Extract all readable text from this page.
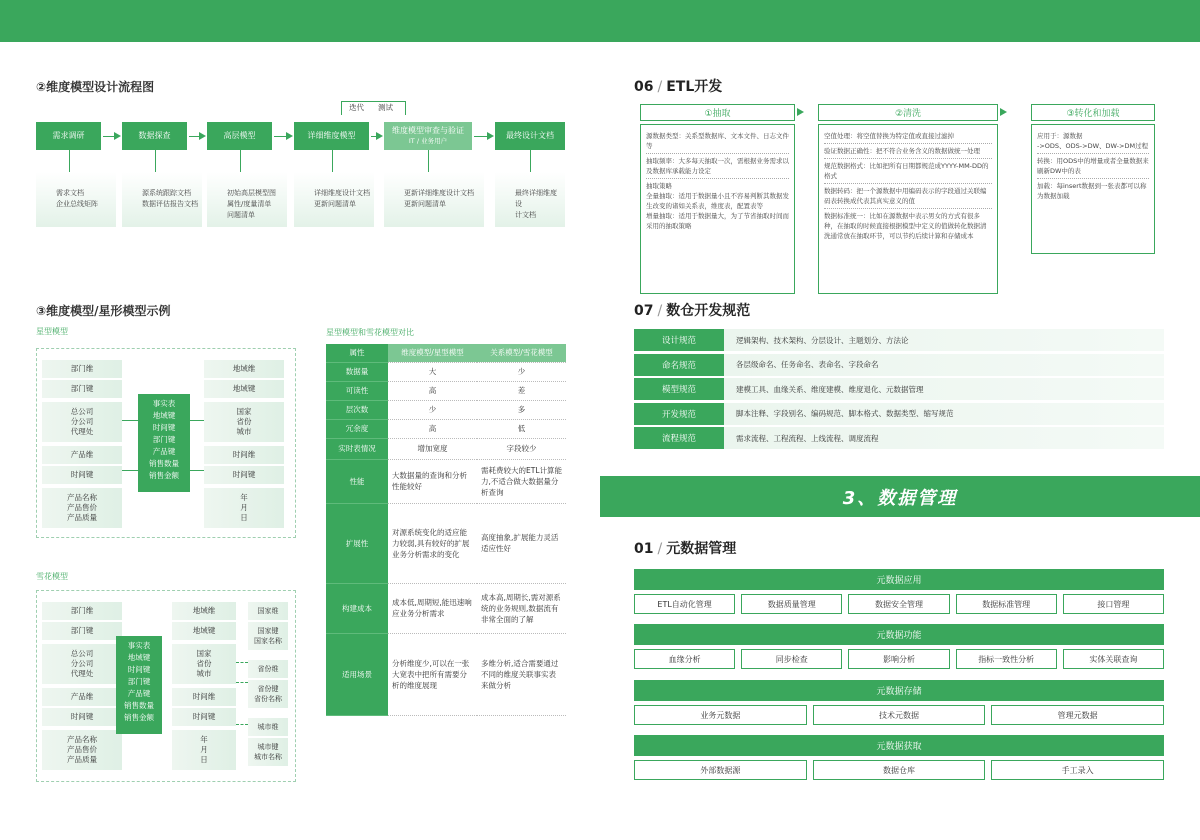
②维度模型设计流程图
迭代 测试
需求调研
需求文档
企业总线矩阵
数据探查
源系统跟踪文档
数据评估报告文档
高层模型
初始高层模型图
属性/度量清单
问题清单
详细维度模型
详细维度设计文档
更新问题清单
维度模型审查与验证
IT / 业务用户
更新详细维度设计文档
更新问题清单
最终设计文档
最终详细维度设
计文档
③维度模型/星形模型示例
星型模型
部门维
部门键
总公司
分公司
代理处
产品维
时间键
产品名称
产品售价
产品质量
事实表
地域键
时间键
部门键
产品键
销售数量
销售金额
地域维
地域键
国家
省份
城市
时间维
时间键
年
月
日
雪花模型
部门维
部门键
总公司
分公司
代理处
产品维
时间键
产品名称
产品售价
产品质量
事实表
地域键
时间键
部门键
产品键
销售数量
销售金额
地域维
地域键
国家
省份
城市
时间维
时间键
年
月
日
国家维
国家键
国家名称
省份维
省份键
省份名称
城市维
城市键
城市名称
星型模型和雪花模型对比
属性	维度模型/星型模型	关系模型/雪花模型
数据量	大	少
可读性	高	差
层次数	少	多
冗余度	高	低
实时表情况	增加宽度	字段较少
性能	大数据量的查询和分析性能较好	需耗费较大的ETL计算能力,不适合做大数据量分析查询
扩展性	对源系统变化的适应能力较弱,具有较好的扩展业务分析需求的变化	高度抽象,扩展能力灵活适应性好
构建成本	成本低,周期短,能迅速响应业务分析需求	成本高,周期长,需对源系统的业务规则,数据流有非常全面的了解
适用场景	分析维度少,可以在一张大宽表中把所有需要分析的维度展现	多维分析,适合需要通过不同的维度关联事实表来做分析
06 / ETL开发
①抽取

源数据类型：关系型数据库、文本文件、日志文件等

抽取频率：大多每天抽取一次，需根据业务需求以及数据库承载能力设定

抽取策略
全量抽取：适用于数据量小且不容易判断其数据发生改变的诸如关系表，维度表，配置表等
增量抽取：适用于数据量大，为了节省抽取时间而采用的抽取策略

②清洗

空值处理：将空值替换为特定值或直接过滤掉

验证数据正确性：把不符合业务含义的数据做统一处理

规范数据格式：比如把所有日期都规范成YYYY-MM-DD的格式

数据转码：把一个源数据中用编码表示的字段通过关联编码表转换成代表其真实意义的值

数据标准统一：比如在源数据中表示男女的方式有很多种，在抽取的时候直接根据模型中定义的值做转化数据清洗通常放在抽取环节，可以节约后续计算和存储成本

③转化和加载

应用于：源数据
->ODS、ODS->DW、DW->DM过程

转换：用ODS中的增量或者全量数据来刷新DW中的表

加载：每insert数据到一张表都可以称为数据加载

07 / 数仓开发规范
设计规范	逻辑架构、技术架构、分层设计、主题划分、方法论
命名规范	各层级命名、任务命名、表命名、字段命名
模型规范	建模工具、血缘关系、维度建模、维度退化、元数据管理
开发规范	脚本注释、字段别名、编码规范、脚本格式、数据类型、缩写规范
流程规范	需求流程、工程流程、上线流程、调度流程
3、数据管理
01 / 元数据管理
元数据应用
ETL自动化管理	数据质量管理	数据安全管理	数据标准管理	接口管理
元数据功能
血缘分析	同步检查	影响分析	指标一致性分析	实体关联查询
元数据存储
业务元数据	技术元数据	管理元数据
元数据获取
外部数据源	数据仓库	手工录入
